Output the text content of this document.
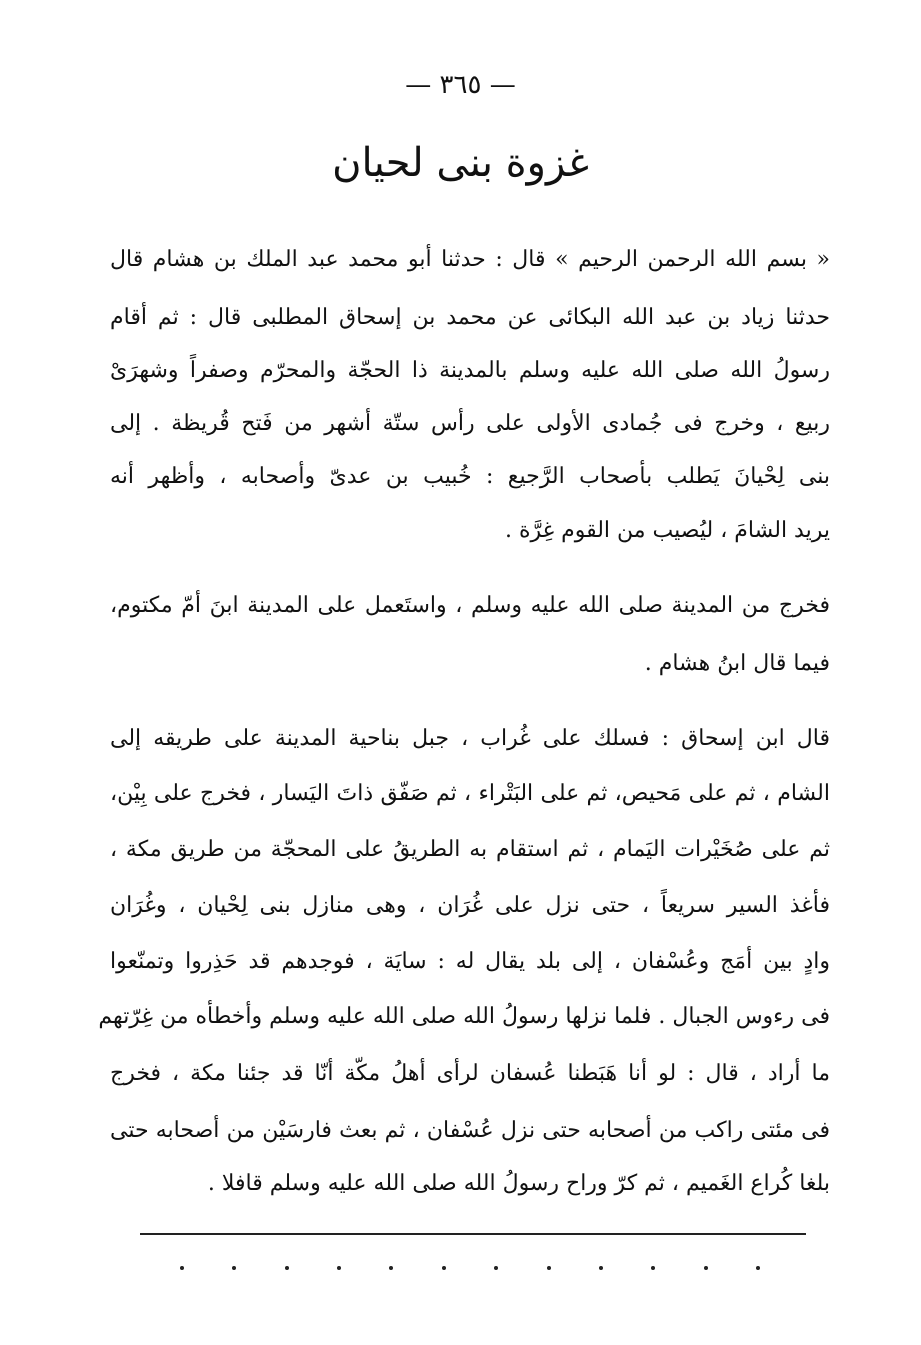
— ٣٦٥ —
غزوة بنى لحيان
« بسم الله الرحمن الرحيم » قال : حدثنا أبو محمد عبد الملك بن هشام قال
حدثنا زياد بن عبد الله البكائى عن محمد بن إسحاق المطلبى قال : ثم أقام
رسولُ الله صلى الله عليه وسلم بالمدينة ذا الحجّة والمحرّم وصفراً وشهرَىْ
ربيع ، وخرج فى جُمادى الأولى على رأس ستّة أشهر من فَتح قُريظة . إلى
بنى لِحْيانَ يَطلب بأصحاب الرَّجيع : خُبيب بن عدىّ وأصحابه ، وأظهر أنه
يريد الشامَ ، ليُصيب من القوم غِرَّة .
فخرج من المدينة صلى الله عليه وسلم ، واستَعمل على المدينة ابنَ أمّ مكتوم،
فيما قال ابنُ هشام .
قال ابن إسحاق : فسلك على غُراب ، جبل بناحية المدينة على طريقه إلى
الشام ، ثم على مَحيص، ثم على البَتْراء ، ثم صَفّق ذاتَ اليَسار ، فخرج على بِيْن،
ثم على صُخَيْرات اليَمام ، ثم استقام به الطريقُ على المحجّة من طريق مكة ،
فأغذ السير سريعاً ، حتى نزل على غُرَان ، وهى منازل بنى لِحْيان ، وغُرَان
وادٍ بين أمَج وعُسْفان ، إلى بلد يقال له : سايَة ، فوجدهم قد حَذِروا وتمنّعوا
فى رءوس الجبال . فلما نزلها رسولُ الله صلى الله عليه وسلم وأخطأه من غِرّتهم
ما أراد ، قال : لو أنا هَبَطنا عُسفان لرأى أهلُ مكّة أنّا قد جئنا مكة ، فخرج
فى مئتى راكب من أصحابه حتى نزل عُسْفان ، ثم بعث فارسَيْن من أصحابه حتى
بلغا كُراع الغَميم ، ثم كرّ وراح رسولُ الله صلى الله عليه وسلم قافلا .
